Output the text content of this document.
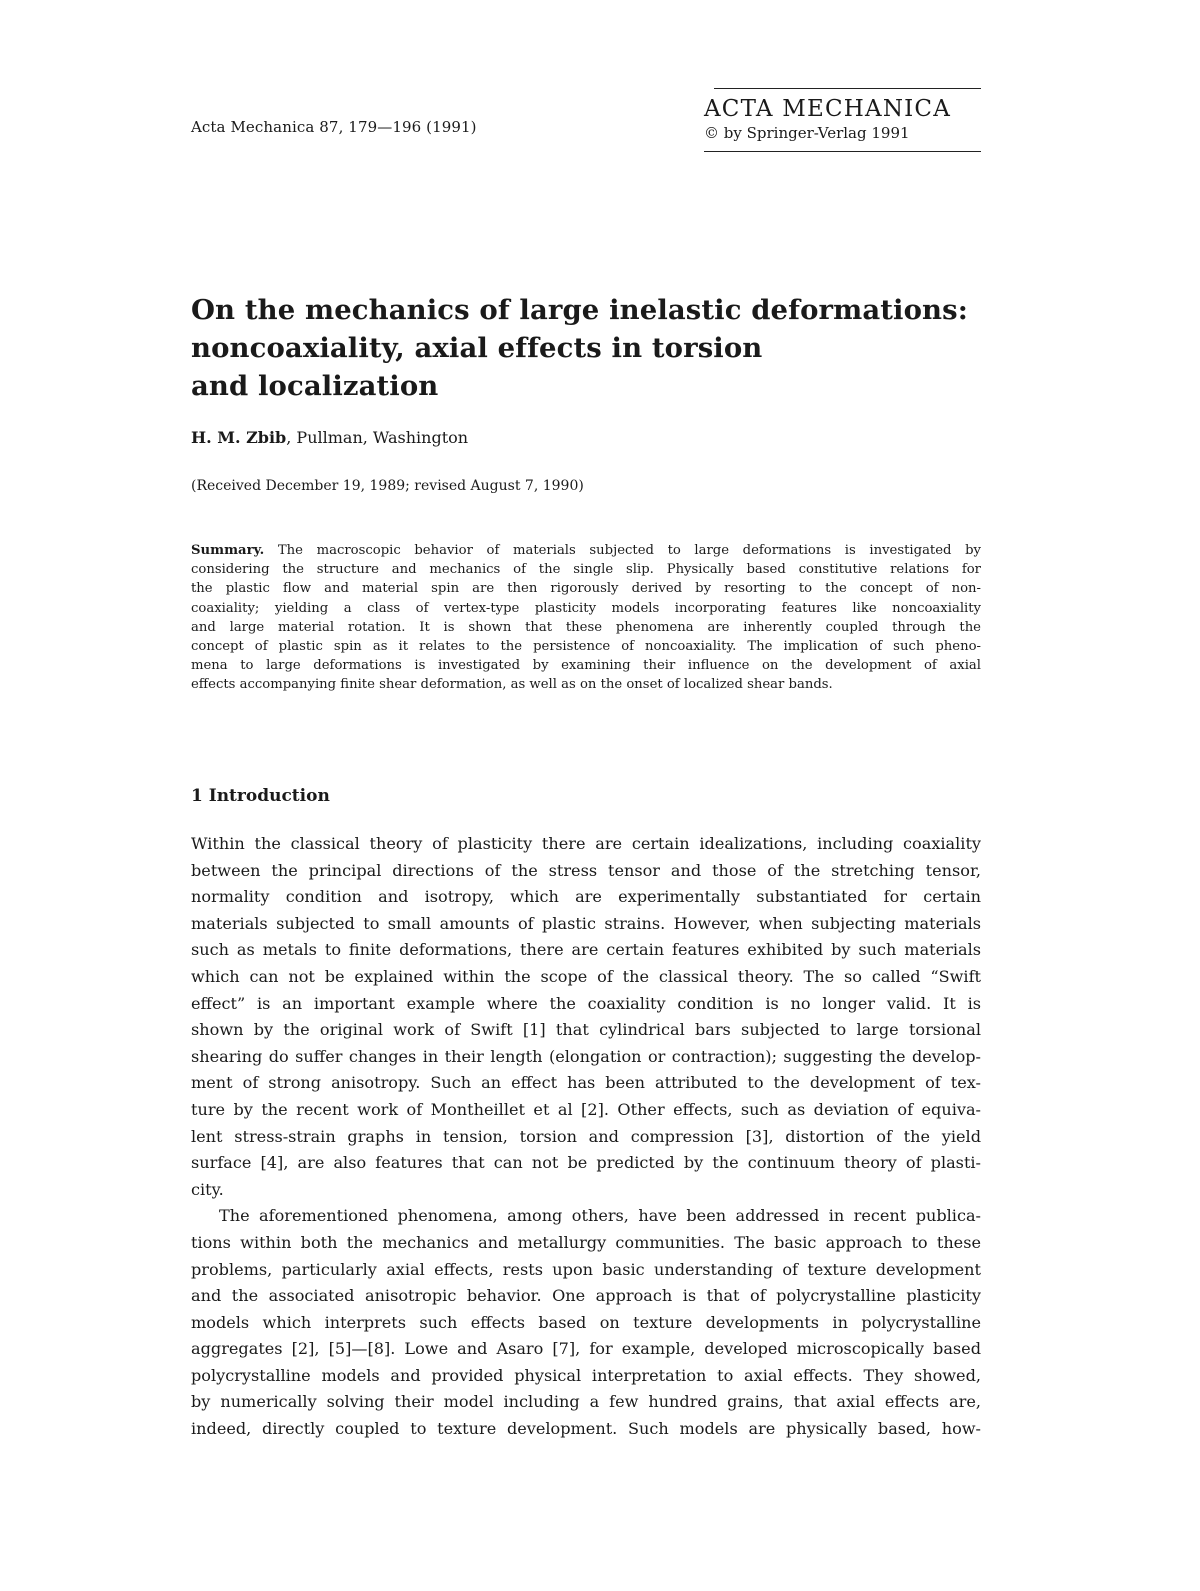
Acta Mechanica 87, 179—196 (1991)
ACTA MECHANICA
© by Springer-Verlag 1991
On the mechanics of large inelastic deformations:
noncoaxiality, axial effects in torsion
and localization
H. M. Zbib, Pullman, Washington
(Received December 19, 1989; revised August 7, 1990)
Summary. The macroscopic behavior of materials subjected to large deformations is investigated by
considering the structure and mechanics of the single slip. Physically based constitutive relations for
the plastic flow and material spin are then rigorously derived by resorting to the concept of non-
coaxiality; yielding a class of vertex-type plasticity models incorporating features like noncoaxiality
and large material rotation. It is shown that these phenomena are inherently coupled through the
concept of plastic spin as it relates to the persistence of noncoaxiality. The implication of such pheno-
mena to large deformations is investigated by examining their influence on the development of axial
effects accompanying finite shear deformation, as well as on the onset of localized shear bands.
1 Introduction
Within the classical theory of plasticity there are certain idealizations, including coaxiality
between the principal directions of the stress tensor and those of the stretching tensor,
normality condition and isotropy, which are experimentally substantiated for certain
materials subjected to small amounts of plastic strains. However, when subjecting materials
such as metals to finite deformations, there are certain features exhibited by such materials
which can not be explained within the scope of the classical theory. The so called “Swift
effect” is an important example where the coaxiality condition is no longer valid. It is
shown by the original work of Swift [1] that cylindrical bars subjected to large torsional
shearing do suffer changes in their length (elongation or contraction); suggesting the develop-
ment of strong anisotropy. Such an effect has been attributed to the development of tex-
ture by the recent work of Montheillet et al [2]. Other effects, such as deviation of equiva-
lent stress-strain graphs in tension, torsion and compression [3], distortion of the yield
surface [4], are also features that can not be predicted by the continuum theory of plasti-
city.
The aforementioned phenomena, among others, have been addressed in recent publica-
tions within both the mechanics and metallurgy communities. The basic approach to these
problems, particularly axial effects, rests upon basic understanding of texture development
and the associated anisotropic behavior. One approach is that of polycrystalline plasticity
models which interprets such effects based on texture developments in polycrystalline
aggregates [2], [5]—[8]. Lowe and Asaro [7], for example, developed microscopically based
polycrystalline models and provided physical interpretation to axial effects. They showed,
by numerically solving their model including a few hundred grains, that axial effects are,
indeed, directly coupled to texture development. Such models are physically based, how-
